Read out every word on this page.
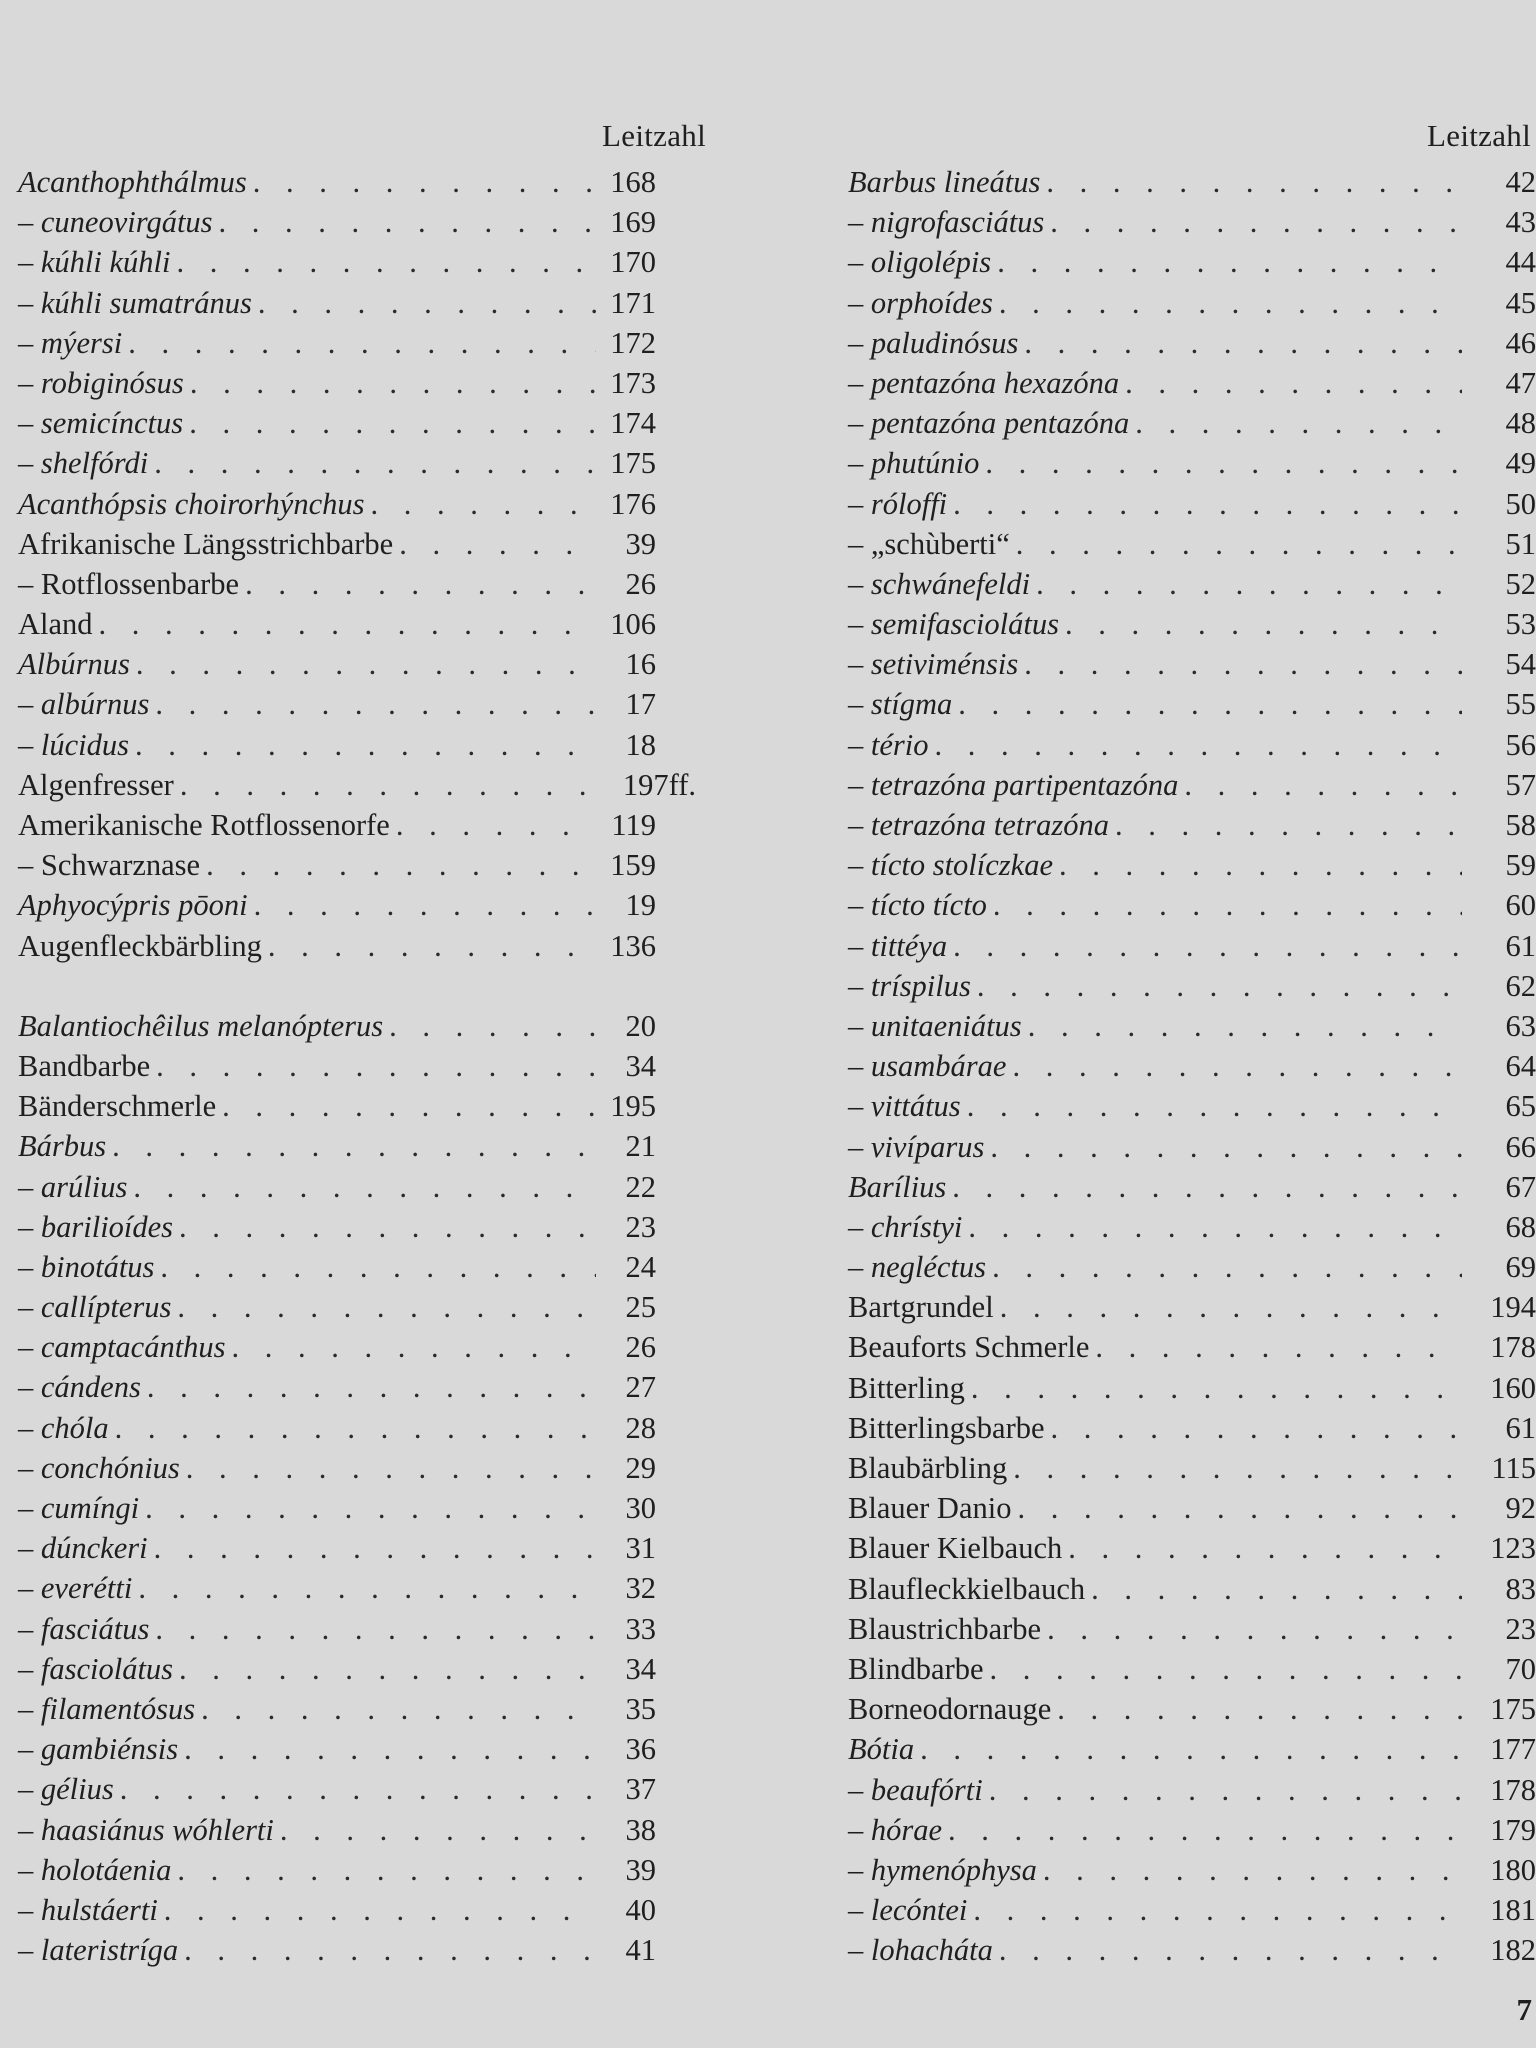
Leitzahl
Acanthophthálmus . . .	168
– cuneovirgátus . . .	169
– kúhli kúhli . . .	170
– kúhli sumatránus . . .	171
– mýersi . . .	172
– robiginósus . . .	173
– semicínctus . . .	174
– shelfórdi . . .	175
Acanthópsis choirorhýnchus . . .	176
Afrikanische Längsstrichbarbe . . .	39
– Rotflossenbarbe . . .	26
Aland . . .	106
Albúrnus . . .	16
– albúrnus . . .	17
– lúcidus . . .	18
Algenfresser . . .	197ff.
Amerikanische Rotflossenorfe . . .	119
– Schwarznase . . .	159
Aphyocýpris pōoni . . .	19
Augenfleckbärbling . . .	136
Balantiochêilus melanópterus . . .	20
Bandbarbe . . .	34
Bänderschmerle . . .	195
Bárbus . . .	21
– arúlius . . .	22
– barilioídes . . .	23
– binotátus . . .	24
– callípterus . . .	25
– camptacánthus . . .	26
– cándens . . .	27
– chóla . . .	28
– conchónius . . .	29
– cumíngi . . .	30
– dúnckeri . . .	31
– everétti . . .	32
– fasciátus . . .	33
– fasciolátus . . .	34
– filamentósus . . .	35
– gambiénsis . . .	36
– gélius . . .	37
– haasiánus wóhlerti . . .	38
– holotáenia . . .	39
– hulstáerti . . .	40
– lateristríga . . .	41
Leitzahl
Barbus lineátus . . .	42
– nigrofasciátus . . .	43
– oligolépis . . .	44
– orphoídes . . .	45
– paludinósus . . .	46
– pentazóna hexazóna . . .	47
– pentazóna pentazóna . . .	48
– phutúnio . . .	49
– rólоffi . . .	50
– „schùberti“ . . .	51
– schwánefeldi . . .	52
– semifasciolátus . . .	53
– setiviménsis . . .	54
– stígma . . .	55
– tério . . .	56
– tetrazóna partipentazóna . . .	57
– tetrazóna tetrazóna . . .	58
– tícto stolíczkae . . .	59
– tícto tícto . . .	60
– tittéya . . .	61
– tríspilus . . .	62
– unitaeniátus . . .	63
– usambárae . . .	64
– vittátus . . .	65
– vivíparus . . .	66
Barílius . . .	67
– chrístyi . . .	68
– negléctus . . .	69
Bartgrundel . . .	194
Beauforts Schmerle . . .	178
Bitterling . . .	160
Bitterlingsbarbe . . .	61
Blaubärbling . . .	115
Blauer Danio . . .	92
Blauer Kielbauch . . .	123
Blaufleckkielbauch . . .	83
Blaustrichbarbe . . .	23
Blindbarbe . . .	70
Borneodornauge . . .	175
Bótia . . .	177
– beaufórti . . .	178
– hórae . . .	179
– hymenóphysa . . .	180
– lecóntei . . .	181
– lohacháta . . .	182
7
